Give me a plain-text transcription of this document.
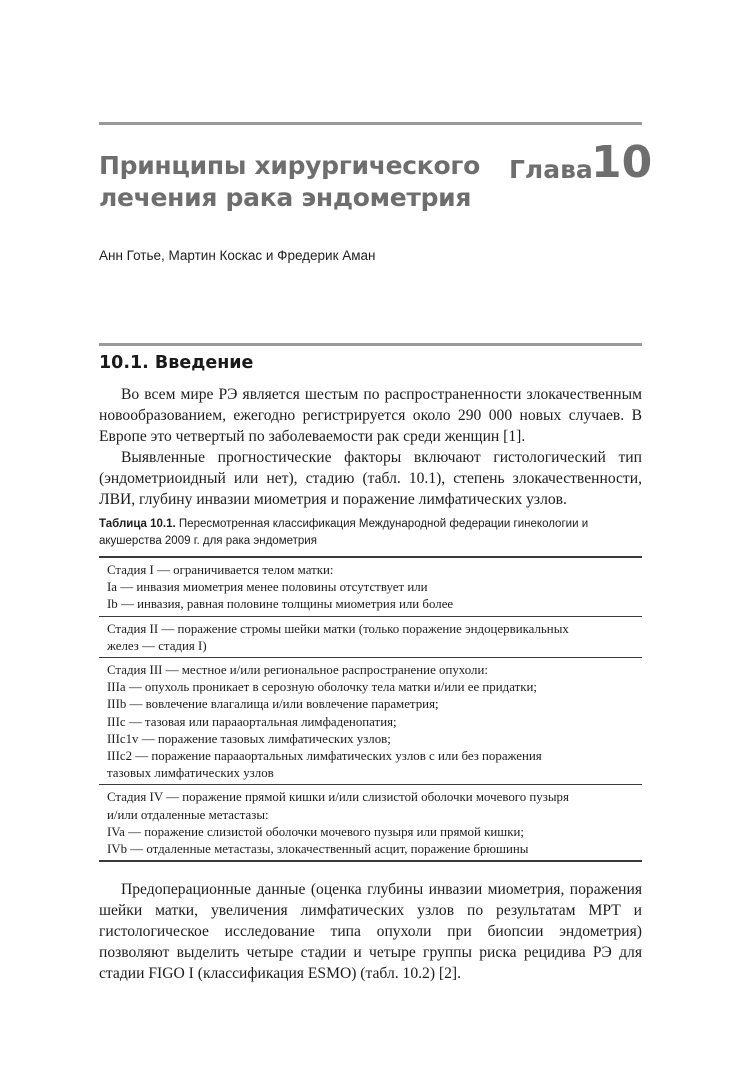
Принципы хирургического
лечения рака эндометрия
Глава
10
Анн Готье, Мартин Коскас и Фредерик Аман
10.1. Введение

Во всем мире РЭ является шестым по распространенности злокачественным новообразованием, ежегодно регистрируется около 290 000 новых случаев. В Европе это четвертый по заболеваемости рак среди женщин [1].

Выявленные прогностические факторы включают гистологический тип (эндометриоидный или нет), стадию (табл. 10.1), степень злокачественности, ЛВИ, глубину инвазии миометрия и поражение лимфатических узлов.

Таблица 10.1. Пересмотренная классификация Международной федерации гинекологии и акушерства 2009 г. для рака эндометрия

Стадия I — ограничивается телом матки:
Ia — инвазия миометрия менее половины отсутствует или
Ib — инвазия, равная половине толщины миометрия или более
Стадия II — поражение стромы шейки матки (только поражение эндоцервикальных
желез — стадия I)
Стадия III — местное и/или региональное распространение опухоли:
IIIa — опухоль проникает в серозную оболочку тела матки и/или ее придатки;
IIIb — вовлечение влагалища и/или вовлечение параметрия;
IIIc — тазовая или парааортальная лимфаденопатия;
IIIc1v — поражение тазовых лимфатических узлов;
IIIc2 — поражение парааортальных лимфатических узлов с или без поражения
тазовых лимфатических узлов
Стадия IV — поражение прямой кишки и/или слизистой оболочки мочевого пузыря
и/или отдаленные метастазы:
IVa — поражение слизистой оболочки мочевого пузыря или прямой кишки;
IVb — отдаленные метастазы, злокачественный асцит, поражение брюшины

Предоперационные данные (оценка глубины инвазии миометрия, поражения шейки матки, увеличения лимфатических узлов по результатам МРТ и гистологическое исследование типа опухоли при биопсии эндометрия) позволяют выделить четыре стадии и четыре группы риска рецидива РЭ для стадии FIGO I (классификация ESMO) (табл. 10.2) [2].
